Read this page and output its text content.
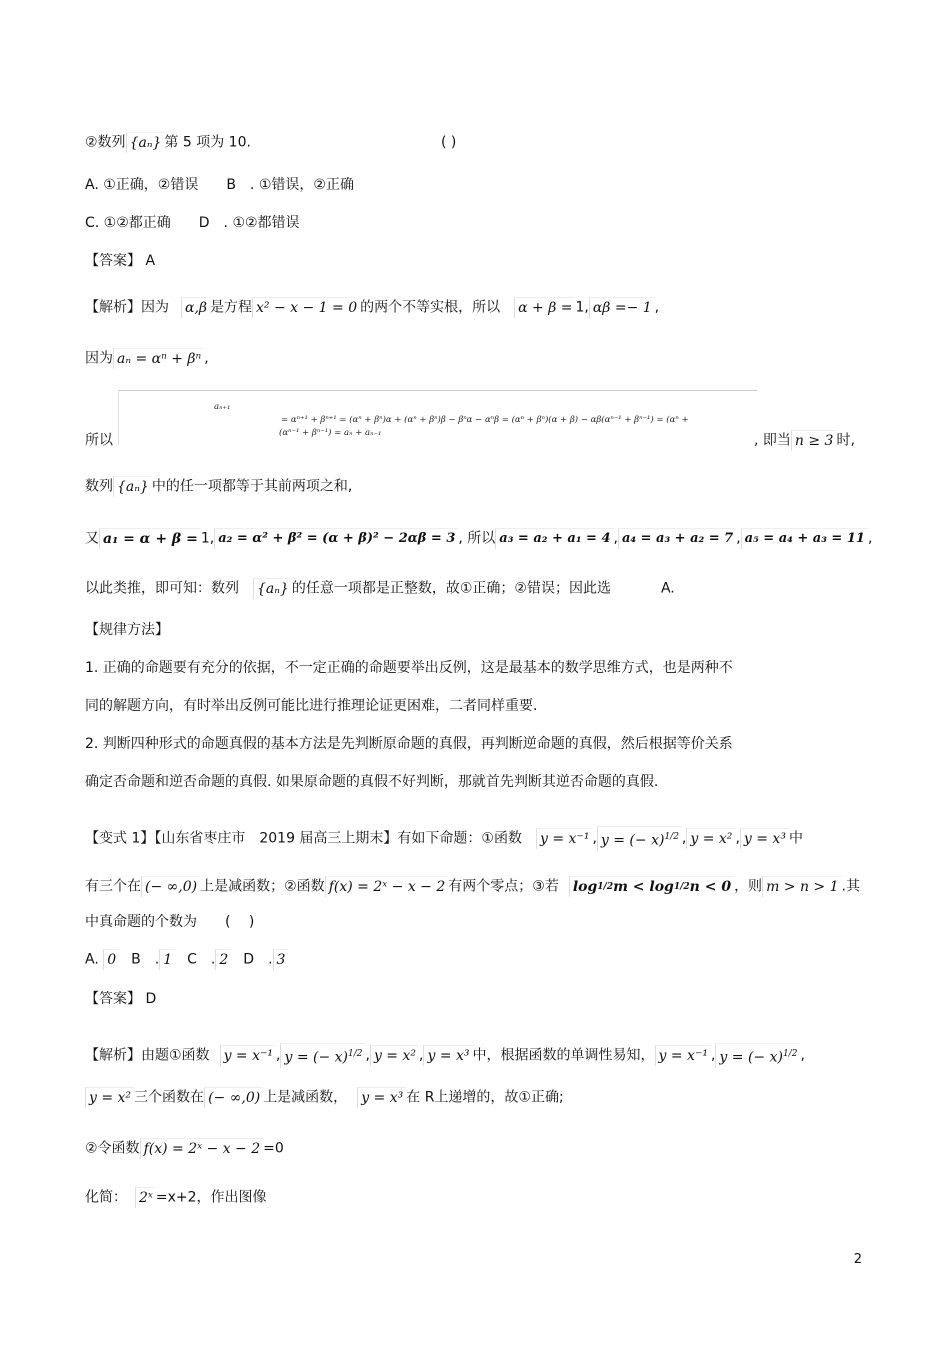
②数列 {aₙ} 第 5 项为 10.	( )
A. ①正确，②错误　　B　. ①错误，②正确
C. ①②都正确　　D　. ①②都错误
【答案】 A
【解析】因为 α,β 是方程 x² − x − 1 = 0 的两个不等实根，所以 α + β = 1, αβ =− 1 ,
因为 aₙ = αⁿ + βⁿ ,
aₙ₊₁
= αⁿ⁺¹ + βⁿ⁺¹ = (αⁿ + βⁿ)α + (αⁿ + βⁿ)β − βⁿα − αⁿβ = (αⁿ + βⁿ)(α + β) − αβ(αⁿ⁻¹ + βⁿ⁻¹) = (αⁿ +
(αⁿ⁻¹ + βⁿ⁻¹) = aₙ + aₙ₋₁
所以	, 即当 n ≥ 3 时,
数列 {aₙ} 中的任一项都等于其前两项之和,
又 a₁ = α + β = 1, a₂ = α² + β² = (α + β)² − 2αβ = 3 , 所以 a₃ = a₂ + a₁ = 4 , a₄ = a₃ + a₂ = 7 , a₅ = a₄ + a₃ = 11 ,
以此类推，即可知：数列 {aₙ} 的任意一项都是正整数，故①正确；②错误；因此选	A.
【规律方法】
1. 正确的命题要有充分的依据，不一定正确的命题要举出反例，这是最基本的数学思维方式，也是两种不
同的解题方向，有时举出反例可能比进行推理论证更困难，二者同样重要.
2. 判断四种形式的命题真假的基本方法是先判断原命题的真假，再判断逆命题的真假，然后根据等价关系
确定否命题和逆否命题的真假. 如果原命题的真假不好判断，那就首先判断其逆否命题的真假.
【变式 1】【山东省枣庄市　2019 届高三上期末】有如下命题：①函数 y = x⁻¹ , y = (− x)$^{1/2}$ , y = x² , y = x³ 中
有三个在 (− ∞,0) 上是减函数；②函数 f(x) = 2ˣ − x − 2 有两个零点；③若 log1/2m < log1/2n < 0 ，则 m > n > 1 .其
中真命题的个数为　　(　 )
A. 0 B　. 1 C　. 2 D　. 3
【答案】 D
【解析】由题①函数 y = x⁻¹ , y = (− x)$^{1/2}$ , y = x² , y = x³ 中，根据函数的单调性易知， y = x⁻¹ , y = (− x)$^{1/2}$ ,
y = x² 三个函数在 (− ∞,0) 上是减函数， y = x³ 在 R上递增的，故①正确;
②令函数 f(x) = 2ˣ − x − 2 =0
化简： 2ˣ =x+2，作出图像
2
